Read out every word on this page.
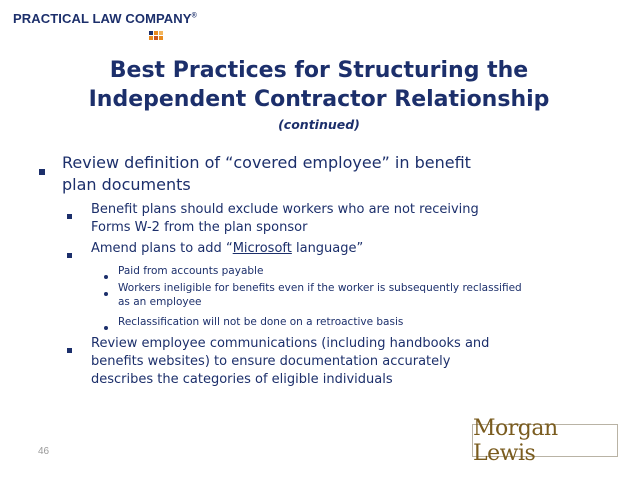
PRACTICAL LAW COMPANY®
Best Practices for Structuring the
Independent Contractor Relationship
(continued)
Review definition of “covered employee” in benefit
plan documents
Benefit plans should exclude workers who are not receiving
Forms W-2 from the plan sponsor
Amend plans to add “Microsoft language”
Paid from accounts payable
Workers ineligible for benefits even if the worker is subsequently reclassified
as an employee
Reclassification will not be done on a retroactive basis
Review employee communications (including handbooks and
benefits websites) to ensure documentation accurately
describes the categories of eligible individuals
46
Morgan Lewis
